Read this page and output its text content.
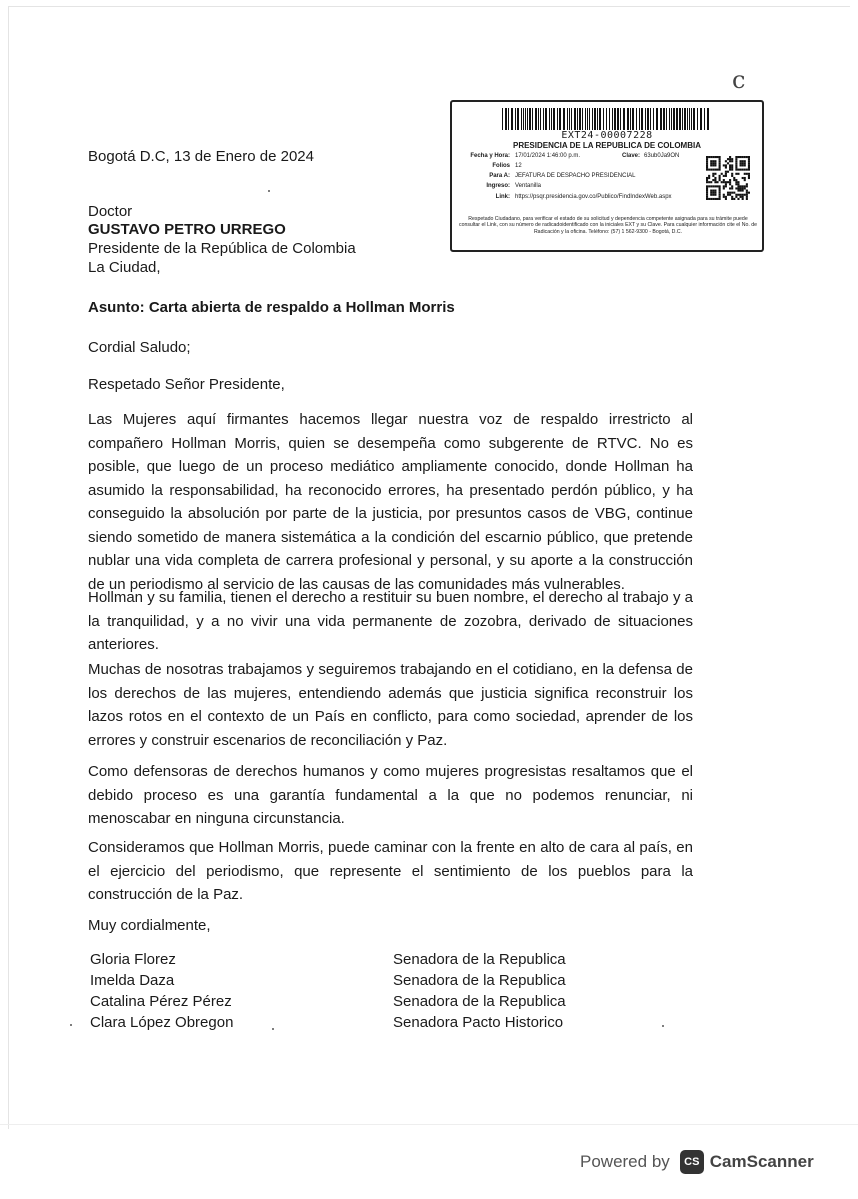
c
EXT24-00007228
PRESIDENCIA DE LA REPUBLICA DE COLOMBIA
Fecha y Hora: 17/01/2024 1:46:00 p.m.	Clave: 63ub0Ja9ON
Folios 12
Para A: JEFATURA DE DESPACHO PRESIDENCIAL
Ingreso: Ventanilla
Link: https://psqr.presidencia.gov.co/Publico/FindIndexWeb.aspx
Respetado Ciudadano, para verificar el estado de su solicitud y dependencia competente asignada para su trámite puede consultar el Link, con su número de radicadoidentificado con la iniciales EXT y su Clave. Para cualquier información cite el No. de Radicación y la oficina. Teléfono: (57) 1 562-9300 - Bogotá, D.C.
Bogotá D.C, 13 de Enero de 2024
Doctor
GUSTAVO PETRO URREGO
Presidente de la República de Colombia
La Ciudad,
Asunto: Carta abierta de respaldo a Hollman Morris
Cordial Saludo;
Respetado Señor Presidente,
Las Mujeres aquí firmantes hacemos llegar nuestra voz de respaldo irrestricto al compañero Hollman Morris, quien se desempeña como subgerente de RTVC. No es posible, que luego de un proceso mediático ampliamente conocido, donde Hollman ha asumido la responsabilidad, ha reconocido errores, ha presentado perdón público, y ha conseguido la absolución por parte de la justicia, por presuntos casos de VBG, continue siendo sometido de manera sistemática a la condición del escarnio público, que pretende nublar una vida completa de carrera profesional y personal, y su aporte a la construcción de un periodismo al servicio de las causas de las comunidades más vulnerables.
Hollman y su familia, tienen el derecho a restituir su buen nombre, el derecho al trabajo y a la tranquilidad, y a no vivir una vida permanente de zozobra, derivado de situaciones anteriores.
Muchas de nosotras trabajamos y seguiremos trabajando en el cotidiano, en la defensa de los derechos de las mujeres, entendiendo además que justicia significa reconstruir los lazos rotos en el contexto de un País en conflicto, para como sociedad, aprender de los errores y construir escenarios de reconciliación y Paz.
Como defensoras de derechos humanos y como mujeres progresistas resaltamos que el debido proceso es una garantía fundamental a la que no podemos renunciar, ni menoscabar en ninguna circunstancia.
Consideramos que Hollman Morris, puede caminar con la frente en alto de cara al país, en el ejercicio del periodismo, que represente el sentimiento de los pueblos para la construcción de la Paz.
Muy cordialmente,
Gloria Florez	Senadora de la Republica
Imelda Daza	Senadora de la Republica
Catalina Pérez Pérez	Senadora de la Republica
Clara López Obregon	Senadora Pacto Historico
Powered by	CS CamScanner
